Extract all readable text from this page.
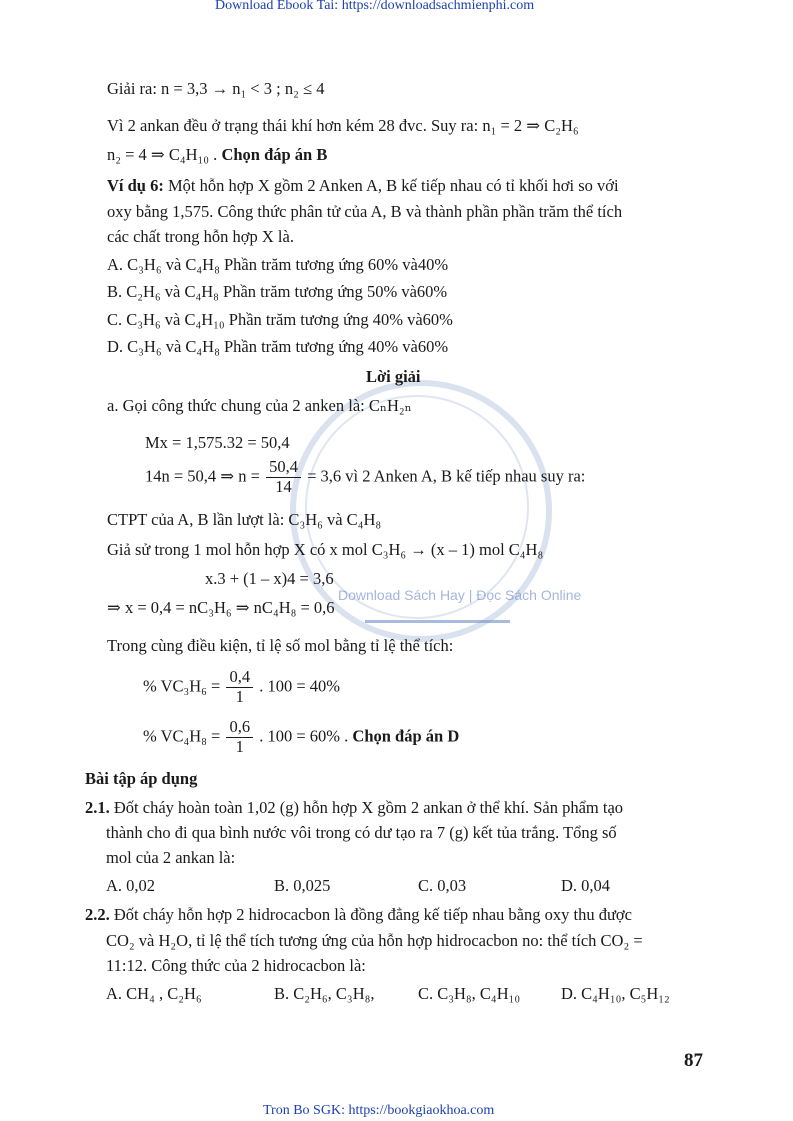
Download Sách Hay | Đọc Sách Online
Download Ebook Tai: https://downloadsachmienphi.com
Giải ra: n = 3,3 → n₁ < 3 ; n₂ ≤ 4
Vì 2 ankan đều ở trạng thái khí hơn kém 28 đvc. Suy ra: n₁ = 2 ⇒ C₂H₆
n₂ = 4 ⇒ C₄H₁₀ . Chọn đáp án B
Ví dụ 6: Một hỗn hợp X gồm 2 Anken A, B kế tiếp nhau có tỉ khối hơi so với
oxy bằng 1,575. Công thức phân tử của A, B và thành phần phần trăm thể tích
các chất trong hỗn hợp X là.
A. C₃H₆ và C₄H₈ Phần trăm tương ứng 60% và40%
B. C₂H₆ và C₄H₈ Phần trăm tương ứng 50% và60%
C. C₃H₆ và C₄H₁₀ Phần trăm tương ứng 40% và60%
D. C₃H₆ và C₄H₈ Phần trăm tương ứng 40% và60%
Lời giải
a. Gọi công thức chung của 2 anken là: CₙH₂ₙ
Mx = 1,575.32 = 50,4
14n = 50,4 ⇒ $n = \frac{50,4}{14} = 3,6$ vì 2 Anken A, B kế tiếp nhau suy ra:
CTPT của A, B lần lượt là: C₃H₆ và C₄H₈
Giả sử trong 1 mol hỗn hợp X có x mol C₃H₆ → (x – 1) mol C₄H₈
x.3 + (1 – x)4 = 3,6
⇒ x = 0,4 = nC₃H₆ ⇒ nC₄H₈ = 0,6
Trong cùng điều kiện, tỉ lệ số mol bằng tỉ lệ thể tích:
% $VC_3H_6 = \frac{0,4}{1}$ . 100 = 40%
% $VC_4H_8 = \frac{0,6}{1}$ . 100 = 60% . Chọn đáp án D
Bài tập áp dụng
2.1. Đốt cháy hoàn toàn 1,02 (g) hỗn hợp X gồm 2 ankan ở thể khí. Sản phẩm tạo
thành cho đi qua bình nước vôi trong có dư tạo ra 7 (g) kết tủa trắng. Tổng số
mol của 2 ankan là:
A. 0,02	B. 0,025	C. 0,03	D. 0,04
2.2. Đốt cháy hỗn hợp 2 hidrocacbon là đồng đẳng kế tiếp nhau bằng oxy thu được
CO₂ và H₂O, tỉ lệ thể tích tương ứng của hỗn hợp hidrocacbon no: thể tích CO₂ =
11:12. Công thức của 2 hidrocacbon là:
A. CH₄ , C₂H₆	B. C₂H₆, C₃H₈,	C. C₃H₈, C₄H₁₀ D. C₄H₁₀, C₅H₁₂
87
Tron Bo SGK: https://bookgiaokhoa.com
